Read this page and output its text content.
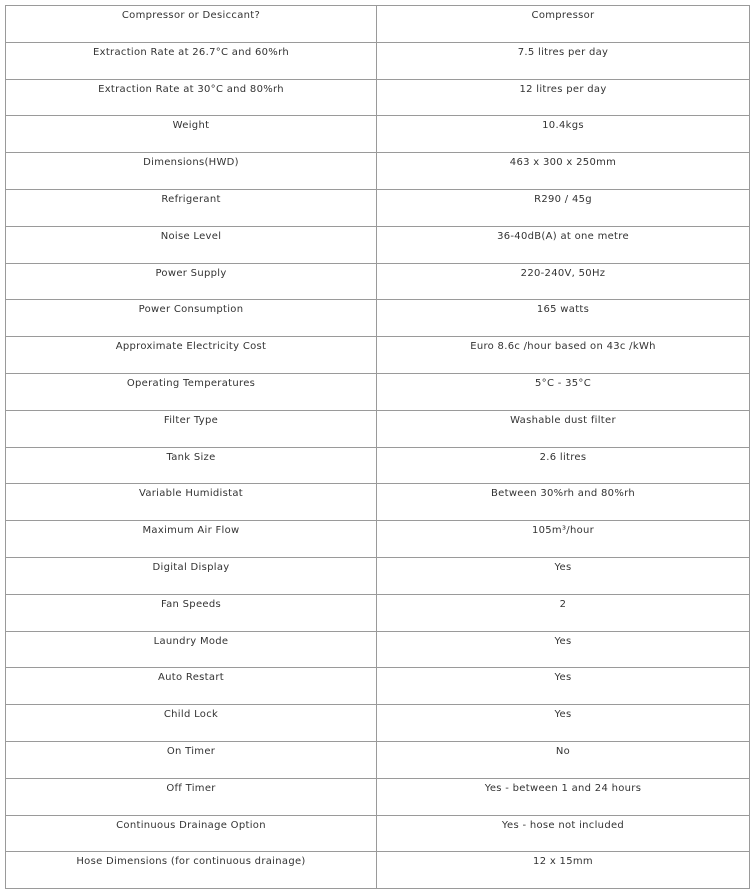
Compressor or Desiccant?	Compressor
Extraction Rate at 26.7°C and 60%rh	7.5 litres per day
Extraction Rate at 30°C and 80%rh	12 litres per day
Weight	10.4kgs
Dimensions(HWD)	463 x 300 x 250mm
Refrigerant	R290 / 45g
Noise Level	36-40dB(A) at one metre
Power Supply	220-240V, 50Hz
Power Consumption	165 watts
Approximate Electricity Cost	Euro 8.6c /hour based on 43c /kWh
Operating Temperatures	5°C - 35°C
Filter Type	Washable dust filter
Tank Size	2.6 litres
Variable Humidistat	Between 30%rh and 80%rh
Maximum Air Flow	105m³/hour
Digital Display	Yes
Fan Speeds	2
Laundry Mode	Yes
Auto Restart	Yes
Child Lock	Yes
On Timer	No
Off Timer	Yes - between 1 and 24 hours
Continuous Drainage Option	Yes - hose not included
Hose Dimensions (for continuous drainage)	12 x 15mm
